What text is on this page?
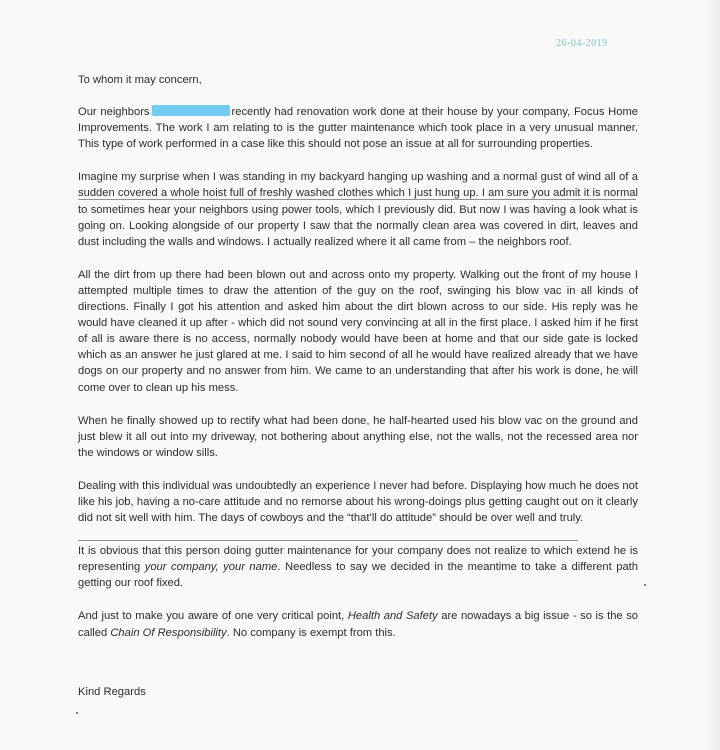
26-04-2019

To whom it may concern,

Our neighbors	recently had renovation work done at their house by your company, Focus Home Improvements. The work I am relating to is the gutter maintenance which took place in a very unusual manner. This type of work performed in a case like this should not pose an issue at all for surrounding properties.

Imagine my surprise when I was standing in my backyard hanging up washing and a normal gust of wind all of a sudden covered a whole hoist full of freshly washed clothes which I just hung up. I am sure you admit it is normal to sometimes hear your neighbors using power tools, which I previously did. But now I was having a look what is going on. Looking alongside of our property I saw that the normally clean area was covered in dirt, leaves and dust including the walls and windows. I actually realized where it all came from – the neighbors roof.

All the dirt from up there had been blown out and across onto my property. Walking out the front of my house I attempted multiple times to draw the attention of the guy on the roof, swinging his blow vac in all kinds of directions. Finally I got his attention and asked him about the dirt blown across to our side. His reply was he would have cleaned it up after - which did not sound very convincing at all in the first place. I asked him if he first of all is aware there is no access, normally nobody would have been at home and that our side gate is locked which as an answer he just glared at me. I said to him second of all he would have realized already that we have dogs on our property and no answer from him. We came to an understanding that after his work is done, he will come over to clean up his mess.

When he finally showed up to rectify what had been done, he half-hearted used his blow vac on the ground and just blew it all out into my driveway, not bothering about anything else, not the walls, not the recessed area nor the windows or window sills.

Dealing with this individual was undoubtedly an experience I never had before. Displaying how much he does not like his job, having a no-care attitude and no remorse about his wrong-doings plus getting caught out on it clearly did not sit well with him. The days of cowboys and the “that’ll do attitude” should be over well and truly.

It is obvious that this person doing gutter maintenance for your company does not realize to which extend he is representing your company, your name. Needless to say we decided in the meantime to take a different path getting our roof fixed.

And just to make you aware of one very critical point, Health and Safety are nowadays a big issue - so is the so called Chain Of Responsibility. No company is exempt from this.

Kind Regards
